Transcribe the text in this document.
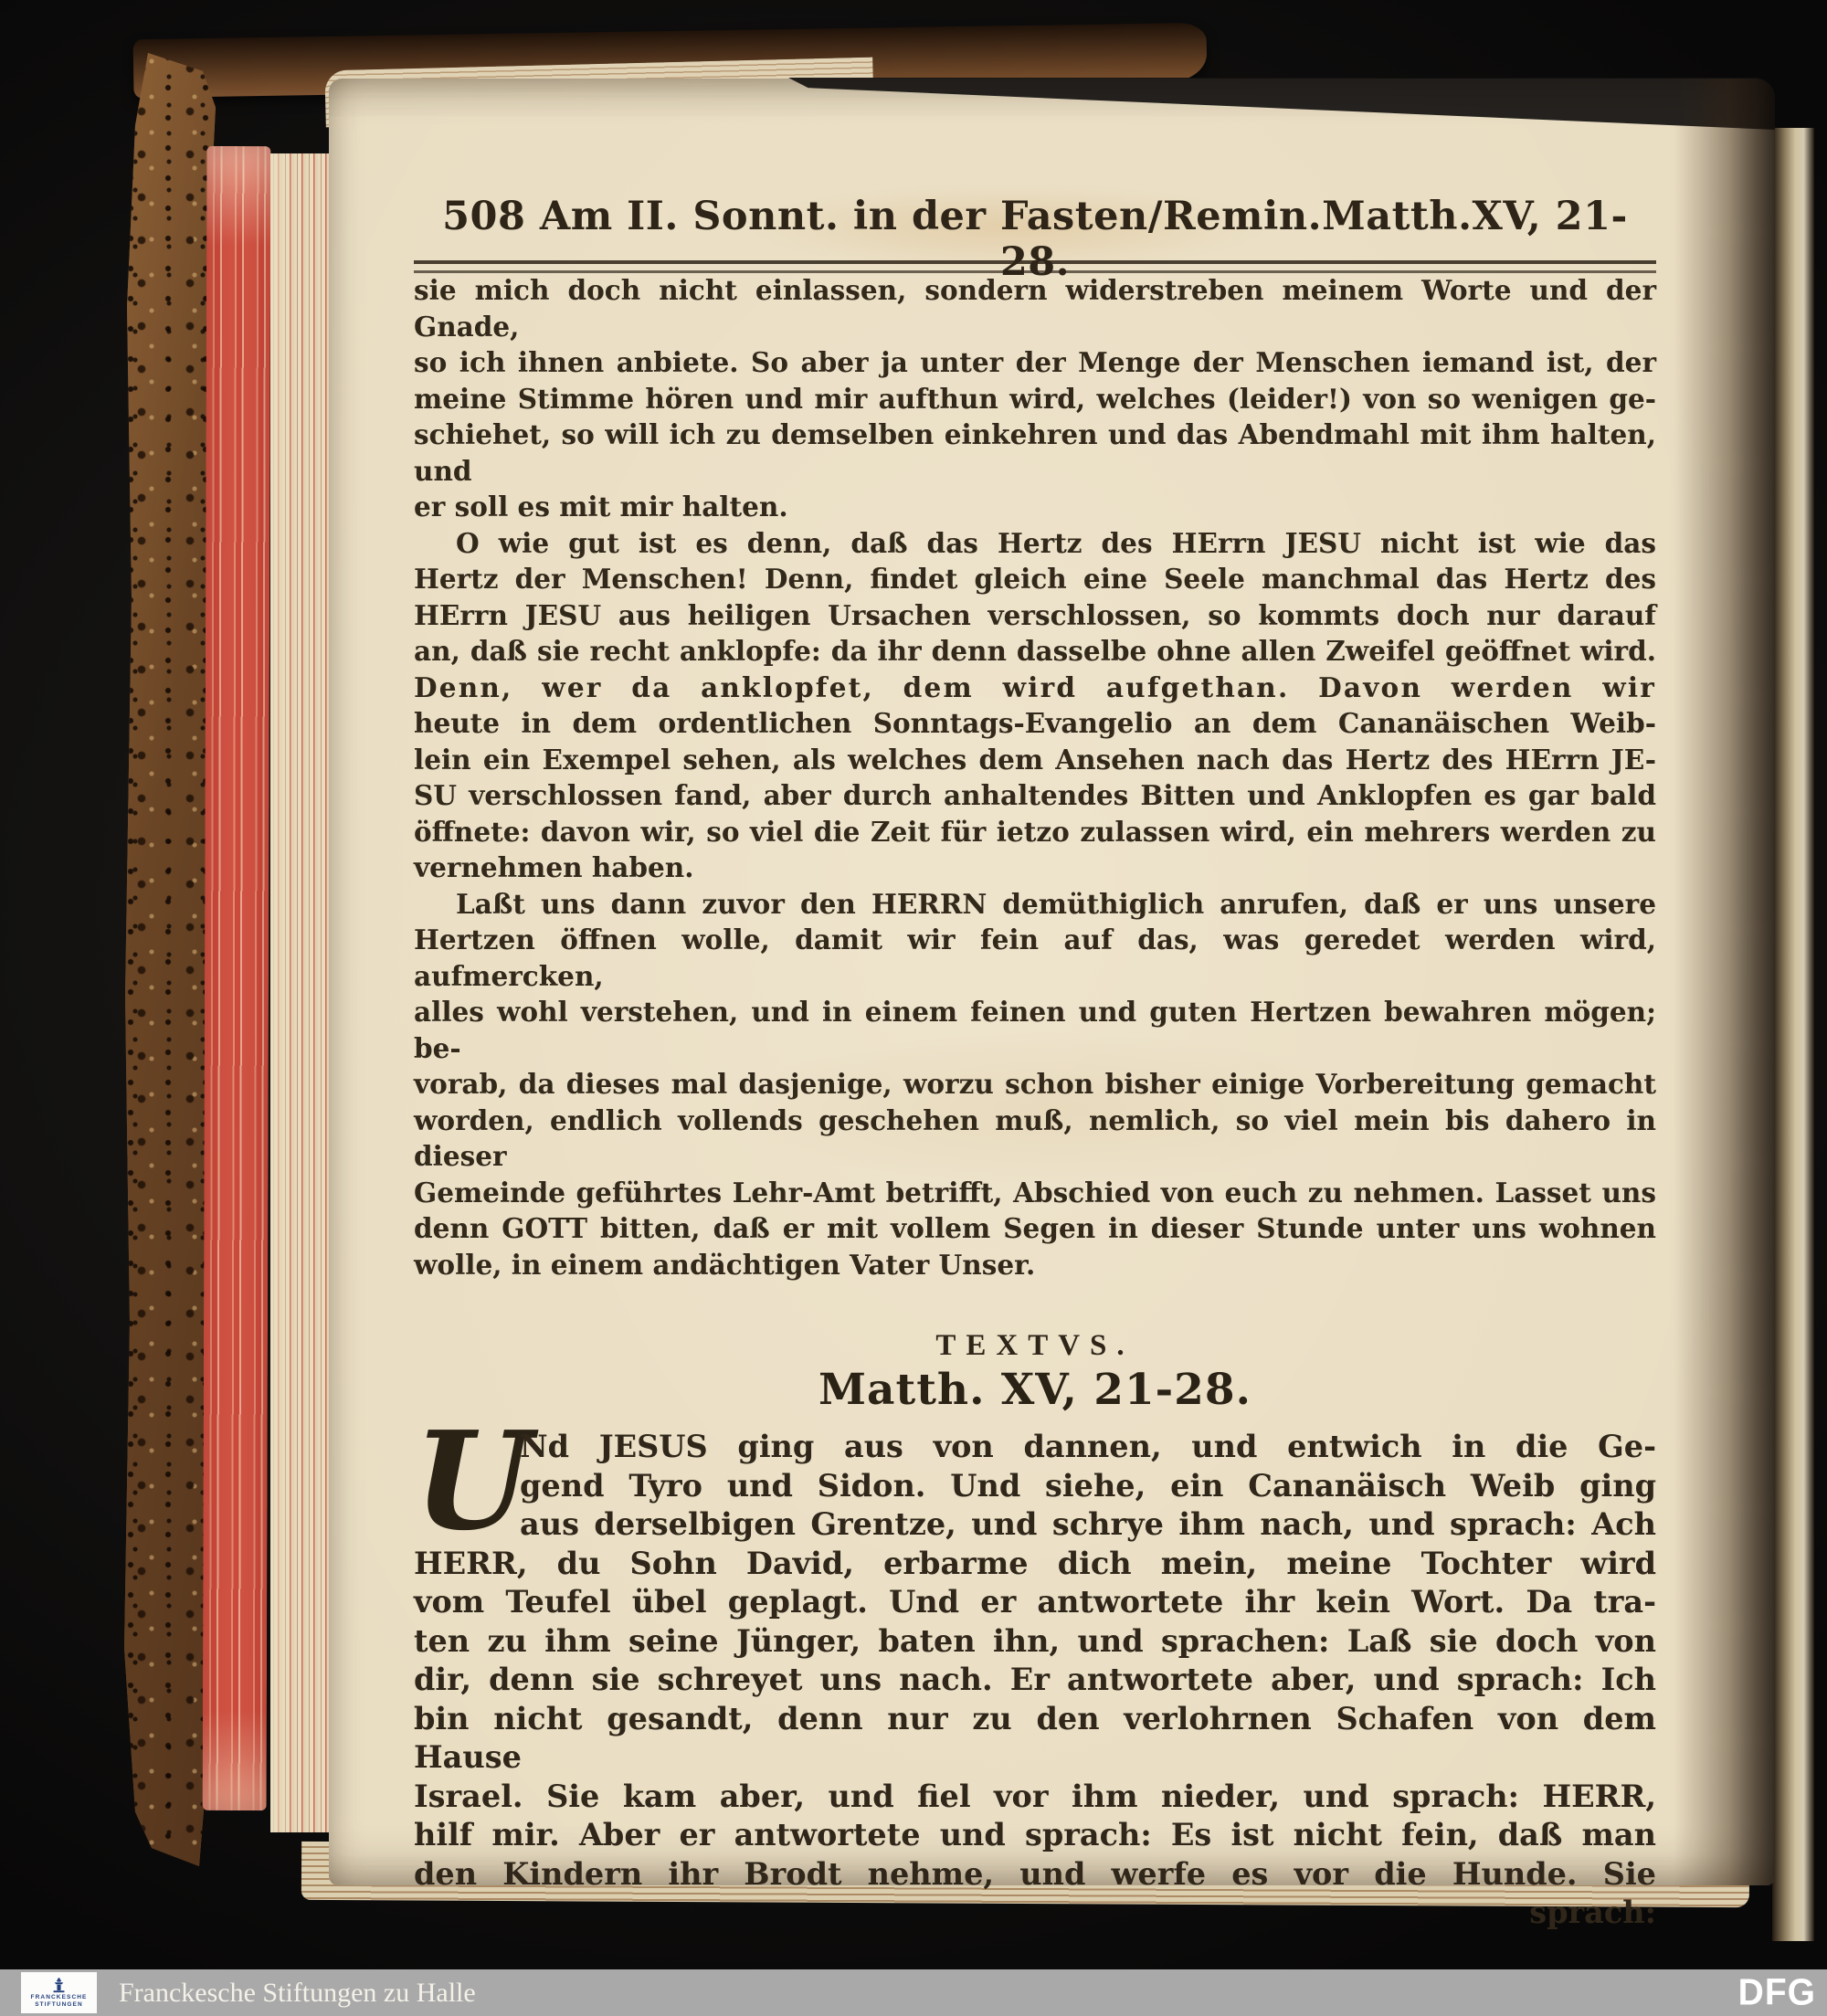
508 Am II. Sonnt. in der Fasten/Remin.Matth.XV, 21-28.
sie mich doch nicht einlassen, sondern widerstreben meinem Worte und der Gnade,
so ich ihnen anbiete. So aber ja unter der Menge der Menschen iemand ist, der
meine Stimme hören und mir aufthun wird, welches (leider!) von so wenigen ge-
schiehet, so will ich zu demselben einkehren und das Abendmahl mit ihm halten, und
er soll es mit mir halten.
O wie gut ist es denn, daß das Hertz des HErrn JESU nicht ist wie das
Hertz der Menschen! Denn, findet gleich eine Seele manchmal das Hertz des
HErrn JESU aus heiligen Ursachen verschlossen, so kommts doch nur darauf
an, daß sie recht anklopfe: da ihr denn dasselbe ohne allen Zweifel geöffnet wird.
Denn, wer da anklopfet, dem wird aufgethan. Davon werden wir
heute in dem ordentlichen Sonntags-Evangelio an dem Cananäischen Weib-
lein ein Exempel sehen, als welches dem Ansehen nach das Hertz des HErrn JE-
SU verschlossen fand, aber durch anhaltendes Bitten und Anklopfen es gar bald
öffnete: davon wir, so viel die Zeit für ietzo zulassen wird, ein mehrers werden zu
vernehmen haben.
Laßt uns dann zuvor den HERRN demüthiglich anrufen, daß er uns unsere
Hertzen öffnen wolle, damit wir fein auf das, was geredet werden wird, aufmercken,
alles wohl verstehen, und in einem feinen und guten Hertzen bewahren mögen; be-
vorab, da dieses mal dasjenige, worzu schon bisher einige Vorbereitung gemacht
worden, endlich vollends geschehen muß, nemlich, so viel mein bis dahero in dieser
Gemeinde geführtes Lehr-Amt betrifft, Abschied von euch zu nehmen. Lasset uns
denn GOTT bitten, daß er mit vollem Segen in dieser Stunde unter uns wohnen
wolle, in einem andächtigen Vater Unser.
TEXTVS.
Matth. XV, 21-28.
U
Nd JESUS ging aus von dannen, und entwich in die Ge-
gend Tyro und Sidon. Und siehe, ein Cananäisch Weib ging
aus derselbigen Grentze, und schrye ihm nach, und sprach: Ach
HERR, du Sohn David, erbarme dich mein, meine Tochter wird
vom Teufel übel geplagt. Und er antwortete ihr kein Wort. Da tra-
ten zu ihm seine Jünger, baten ihn, und sprachen: Laß sie doch von
dir, denn sie schreyet uns nach. Er antwortete aber, und sprach: Ich
bin nicht gesandt, denn nur zu den verlohrnen Schafen von dem Hause
Israel. Sie kam aber, und fiel vor ihm nieder, und sprach: HERR,
hilf mir. Aber er antwortete und sprach: Es ist nicht fein, daß man
den Kindern ihr Brodt nehme, und werfe es vor die Hunde. Sie
sprach:
FRANCKESCHE
STIFTUNGEN Franckesche Stiftungen zu Halle	DFG
